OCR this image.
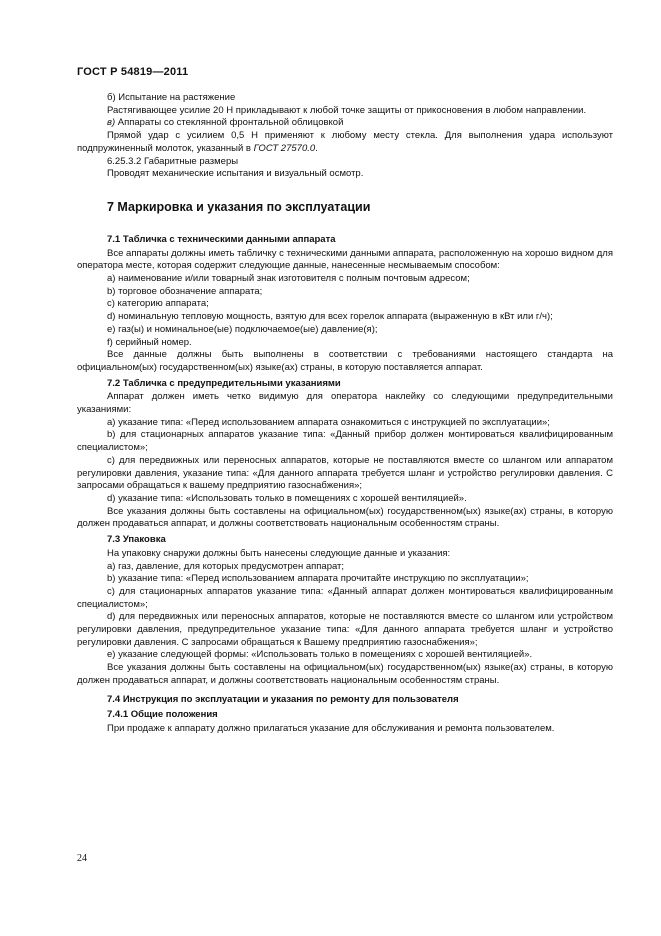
ГОСТ Р 54819—2011

б) Испытание на растяжение

Растягивающее усилие 20 Н прикладывают к любой точке защиты от прикосновения в любом направлении.

в) Аппараты со стеклянной фронтальной облицовкой

Прямой удар с усилием 0,5 Н применяют к любому месту стекла. Для выполнения удара используют подпружиненный молоток, указанный в ГОСТ 27570.0.

6.25.3.2 Габаритные размеры

Проводят механические испытания и визуальный осмотр.

7 Маркировка и указания по эксплуатации

7.1 Табличка с техническими данными аппарата

Все аппараты должны иметь табличку с техническими данными аппарата, расположенную на хорошо видном для оператора месте, которая содержит следующие данные, нанесенные несмываемым способом:

a) наименование и/или товарный знак изготовителя с полным почтовым адресом;

b) торговое обозначение аппарата;

c) категорию аппарата;

d) номинальную тепловую мощность, взятую для всех горелок аппарата (выраженную в кВт или г/ч);

e) газ(ы) и номинальное(ые) подключаемое(ые) давление(я);

f) серийный номер.

Все данные должны быть выполнены в соответствии с требованиями настоящего стандарта на официальном(ых) государственном(ых) языке(ах) страны, в которую поставляется аппарат.

7.2 Табличка с предупредительными указаниями

Аппарат должен иметь четко видимую для оператора наклейку со следующими предупредительными указаниями:

a) указание типа: «Перед использованием аппарата ознакомиться с инструкцией по эксплуатации»;

b) для стационарных аппаратов указание типа: «Данный прибор должен монтироваться квалифицированным специалистом»;

c) для передвижных или переносных аппаратов, которые не поставляются вместе со шлангом или аппаратом регулировки давления, указание типа: «Для данного аппарата требуется шланг и устройство регулировки давления. С запросами обращаться к вашему предприятию газоснабжения»;

d) указание типа: «Использовать только в помещениях с хорошей вентиляцией».

Все указания должны быть составлены на официальном(ых) государственном(ых) языке(ах) страны, в которую должен продаваться аппарат, и должны соответствовать национальным особенностям страны.

7.3 Упаковка

На упаковку снаружи должны быть нанесены следующие данные и указания:

a) газ, давление, для которых предусмотрен аппарат;

b) указание типа: «Перед использованием аппарата прочитайте инструкцию по эксплуатации»;

c) для стационарных аппаратов указание типа: «Данный аппарат должен монтироваться квалифицированным специалистом»;

d) для передвижных или переносных аппаратов, которые не поставляются вместе со шлангом или устройством регулировки давления, предупредительное указание типа: «Для данного аппарата требуется шланг и устройство регулировки давления. С запросами обращаться к Вашему предприятию газоснабжения»;

e) указание следующей формы: «Использовать только в помещениях с хорошей вентиляцией».

Все указания должны быть составлены на официальном(ых) государственном(ых) языке(ах) страны, в которую должен продаваться аппарат, и должны соответствовать национальным особенностям страны.

7.4 Инструкция по эксплуатации и указания по ремонту для пользователя

7.4.1 Общие положения

При продаже к аппарату должно прилагаться указание для обслуживания и ремонта пользователем.

24
